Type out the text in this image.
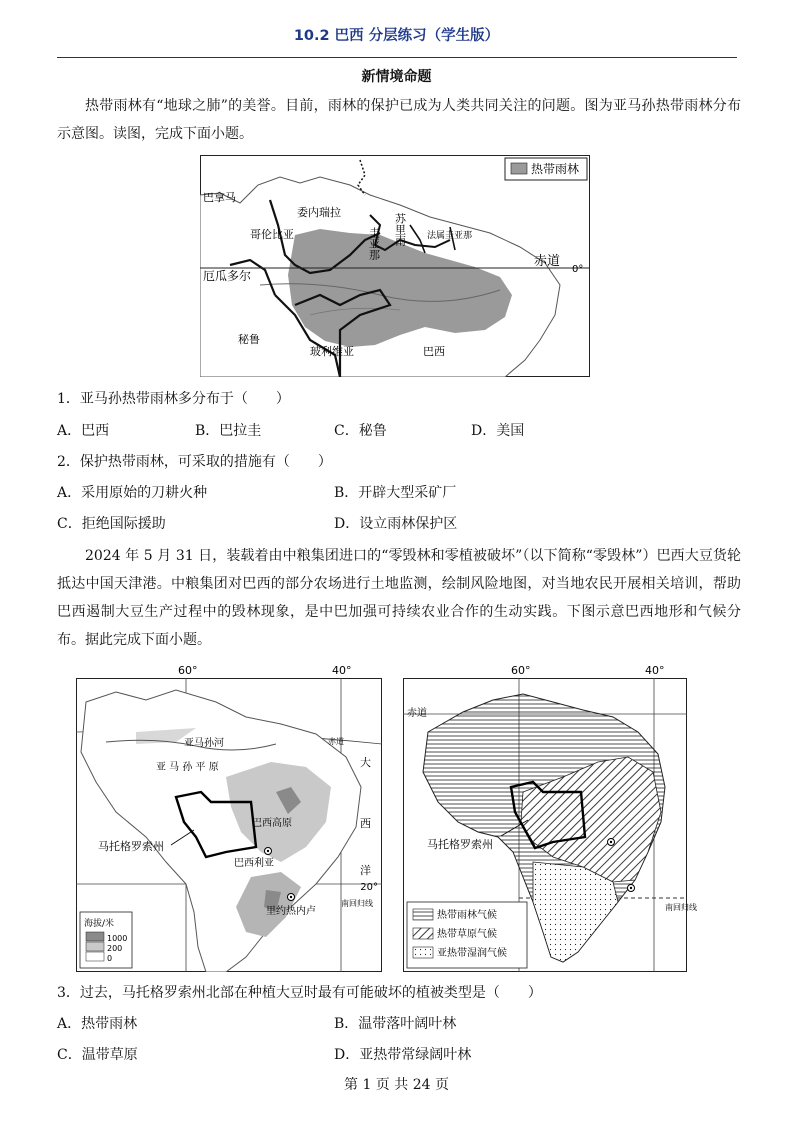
10.2 巴西 分层练习（学生版）
新情境命题
热带雨林有“地球之肺”的美誉。目前，雨林的保护已成为人类共同关注的问题。图为亚马孙热带雨林分布示意图。读图，完成下面小题。
热带雨林
巴拿马
委内瑞拉
哥伦比亚	圭亚那 苏里南 法属圭亚那
赤道
0°
厄瓜多尔
秘鲁
玻利维亚	巴西
1．亚马孙热带雨林多分布于（　　）
A．巴西	B．巴拉圭	C．秘鲁	D．美国
2．保护热带雨林，可采取的措施有（　　）
A．采用原始的刀耕火种	B．开辟大型采矿厂
C．拒绝国际援助	D．设立雨林保护区
2024 年 5 月 31 日，装载着由中粮集团进口的“零毁林和零植被破坏”（以下简称“零毁林”）巴西大豆货轮抵达中国天津港。中粮集团对巴西的部分农场进行土地监测，绘制风险地图，对当地农民开展相关培训，帮助巴西遏制大豆生产过程中的毁林现象，是中巴加强可持续农业合作的生动实践。下图示意巴西地形和气候分布。据此完成下面小题。
60°	40°
亚马孙河
亚 马 孙 平 原
巴西高原
马托格罗索州
巴西利亚
里约热内卢
南回归线
20°
赤道
大
西
洋
海拔/米
1000
200
0
60°	40°
赤道
马托格罗索州
南回归线
热带雨林气候
热带草原气候
亚热带湿润气候
3．过去，马托格罗索州北部在种植大豆时最有可能破坏的植被类型是（　　）
A．热带雨林	B．温带落叶阔叶林
C．温带草原	D．亚热带常绿阔叶林
第 1 页 共 24 页
